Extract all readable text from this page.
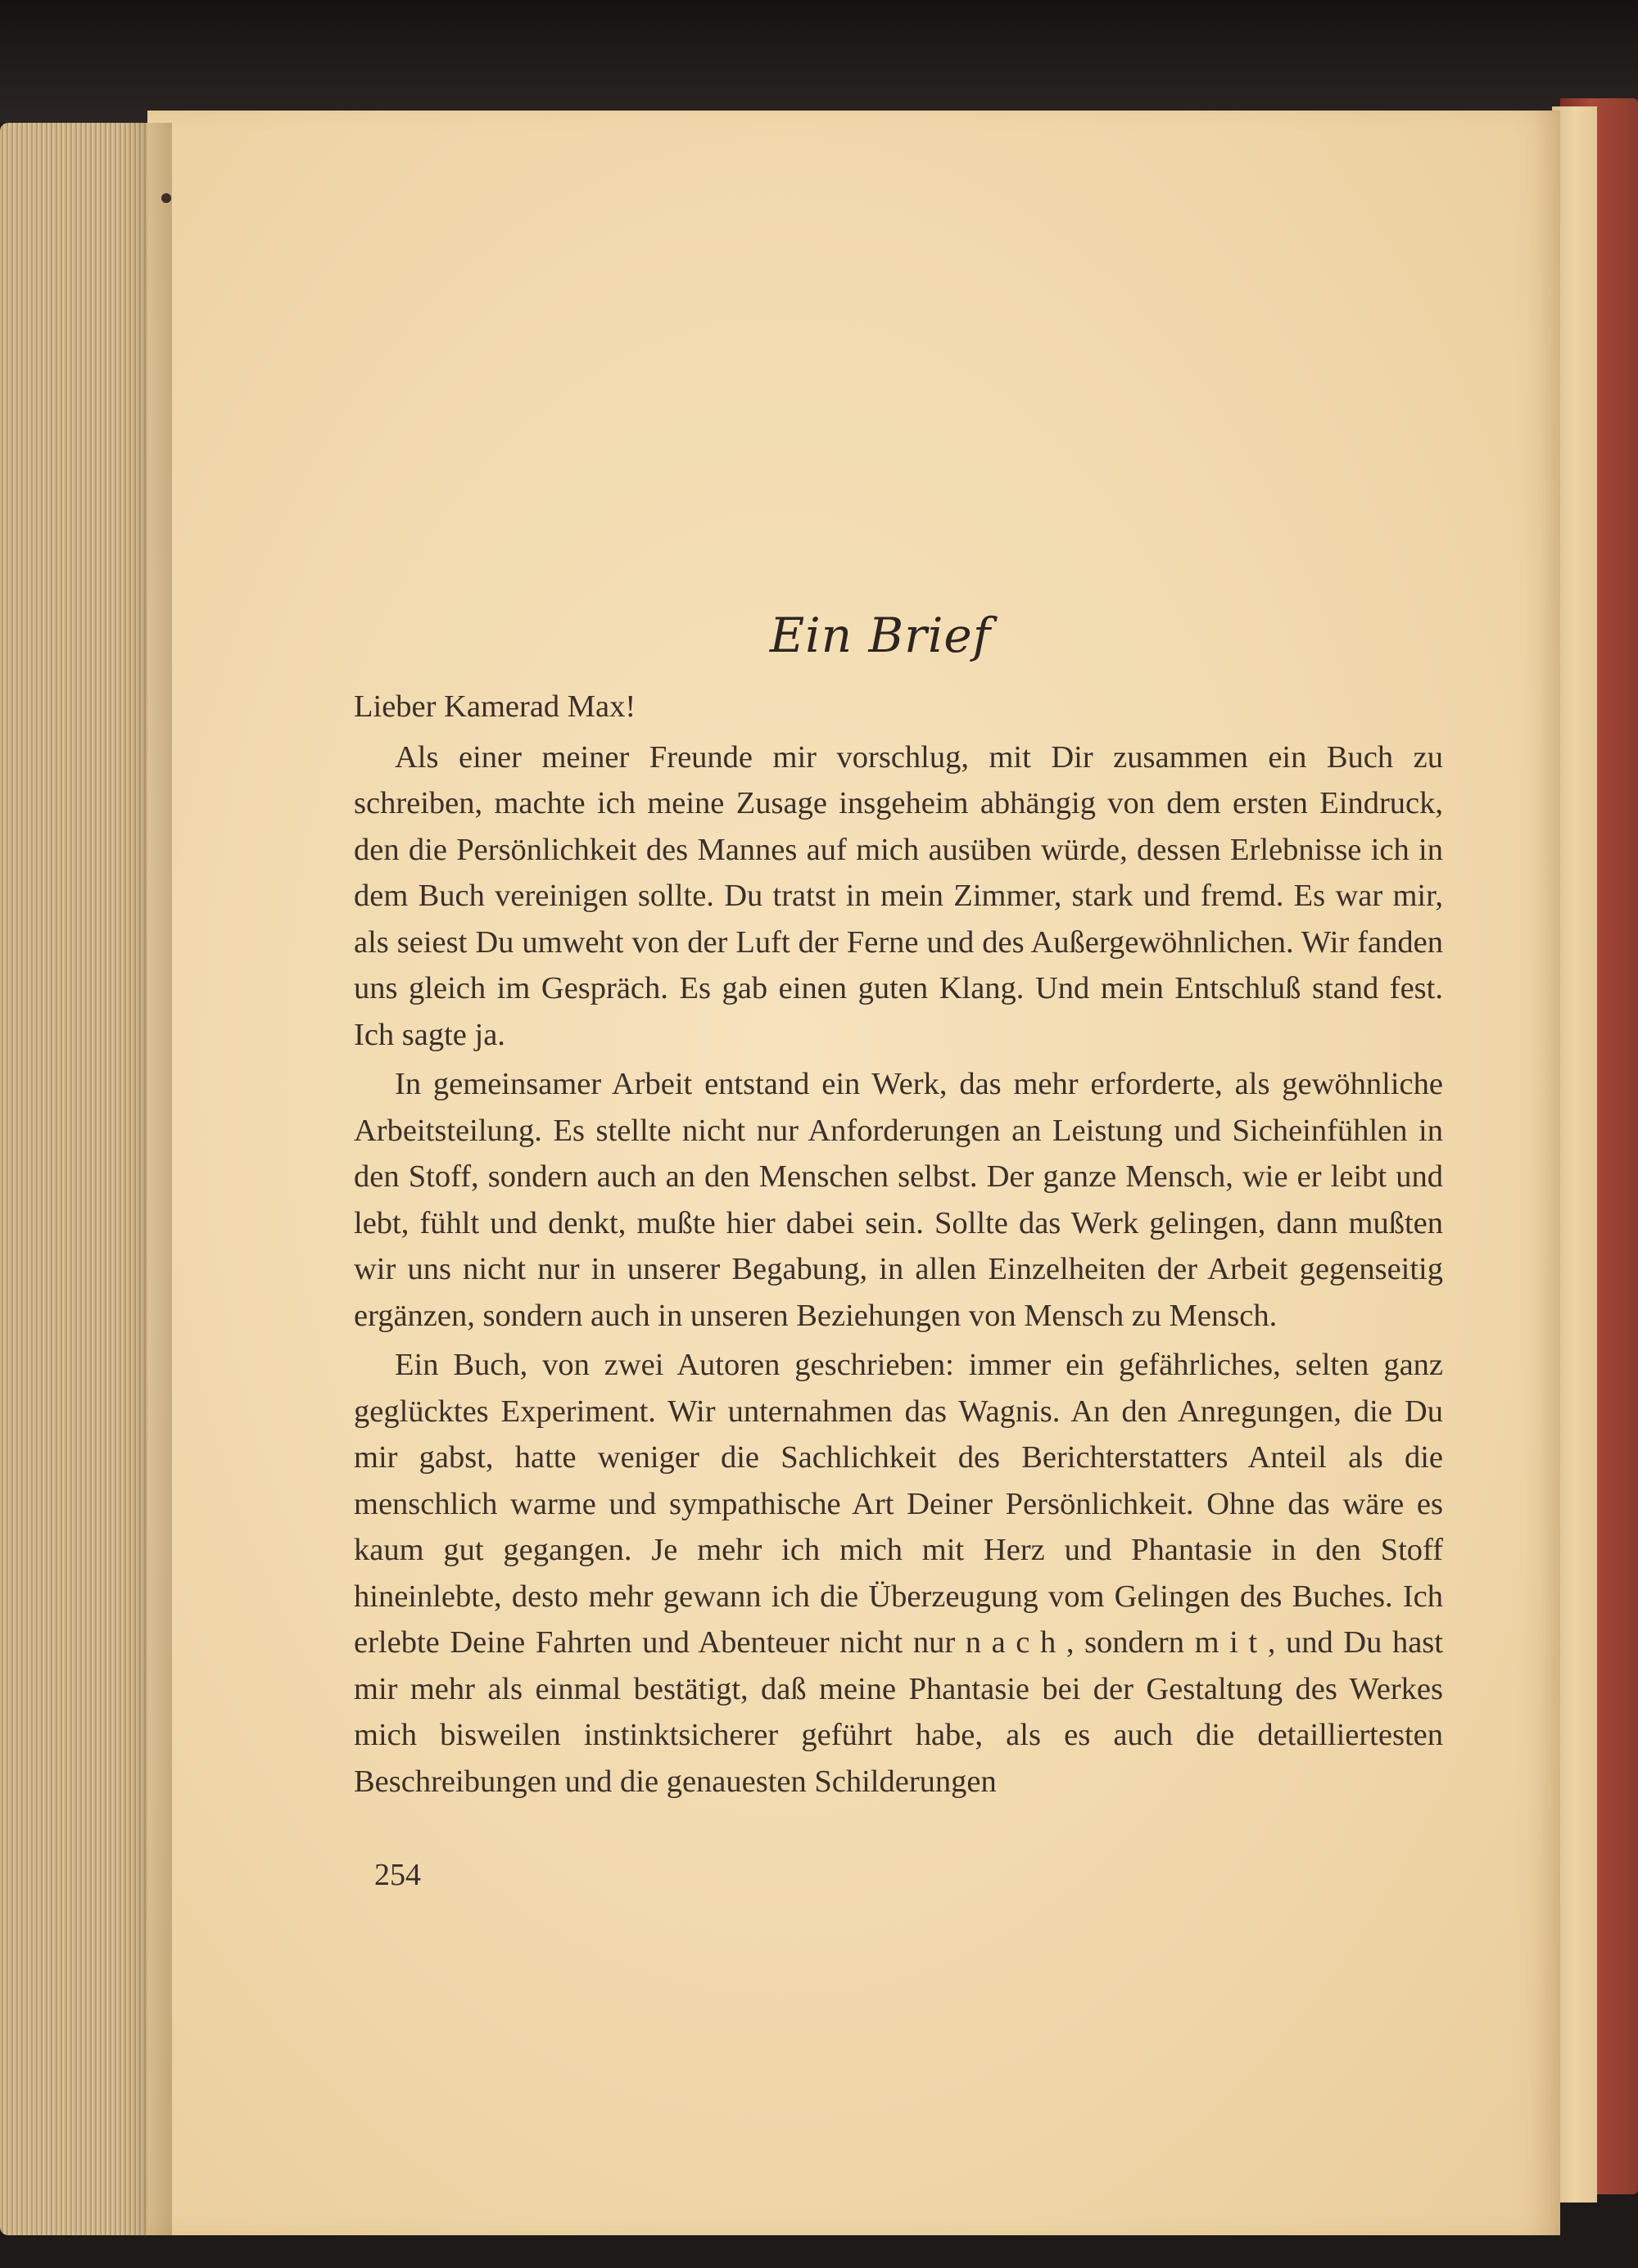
Ein Brief

Lieber Kamerad Max!

Als einer meiner Freunde mir vorschlug, mit Dir zusammen ein Buch zu schreiben, machte ich meine Zusage insgeheim abhängig von dem ersten Eindruck, den die Persönlichkeit des Mannes auf mich ausüben würde, dessen Erlebnisse ich in dem Buch vereinigen sollte. Du tratst in mein Zimmer, stark und fremd. Es war mir, als seiest Du umweht von der Luft der Ferne und des Außergewöhnlichen. Wir fanden uns gleich im Gespräch. Es gab einen guten Klang. Und mein Entschluß stand fest. Ich sagte ja.

In gemeinsamer Arbeit entstand ein Werk, das mehr erforderte, als gewöhnliche Arbeitsteilung. Es stellte nicht nur Anforderungen an Leistung und Sicheinfühlen in den Stoff, sondern auch an den Menschen selbst. Der ganze Mensch, wie er leibt und lebt, fühlt und denkt, mußte hier dabei sein. Sollte das Werk gelingen, dann mußten wir uns nicht nur in unserer Begabung, in allen Einzelheiten der Arbeit gegenseitig ergänzen, sondern auch in unseren Beziehungen von Mensch zu Mensch.

Ein Buch, von zwei Autoren geschrieben: immer ein gefährliches, selten ganz geglücktes Experiment. Wir unternahmen das Wagnis. An den Anregungen, die Du mir gabst, hatte weniger die Sachlichkeit des Berichterstatters Anteil als die menschlich warme und sympathische Art Deiner Persönlichkeit. Ohne das wäre es kaum gut gegangen. Je mehr ich mich mit Herz und Phantasie in den Stoff hineinlebte, desto mehr gewann ich die Überzeugung vom Gelingen des Buches. Ich erlebte Deine Fahrten und Abenteuer nicht nur n a c h , sondern m i t , und Du hast mir mehr als einmal bestätigt, daß meine Phantasie bei der Gestaltung des Werkes mich bisweilen instinktsicherer geführt habe, als es auch die detailliertesten Beschreibungen und die genauesten Schilderungen

254
